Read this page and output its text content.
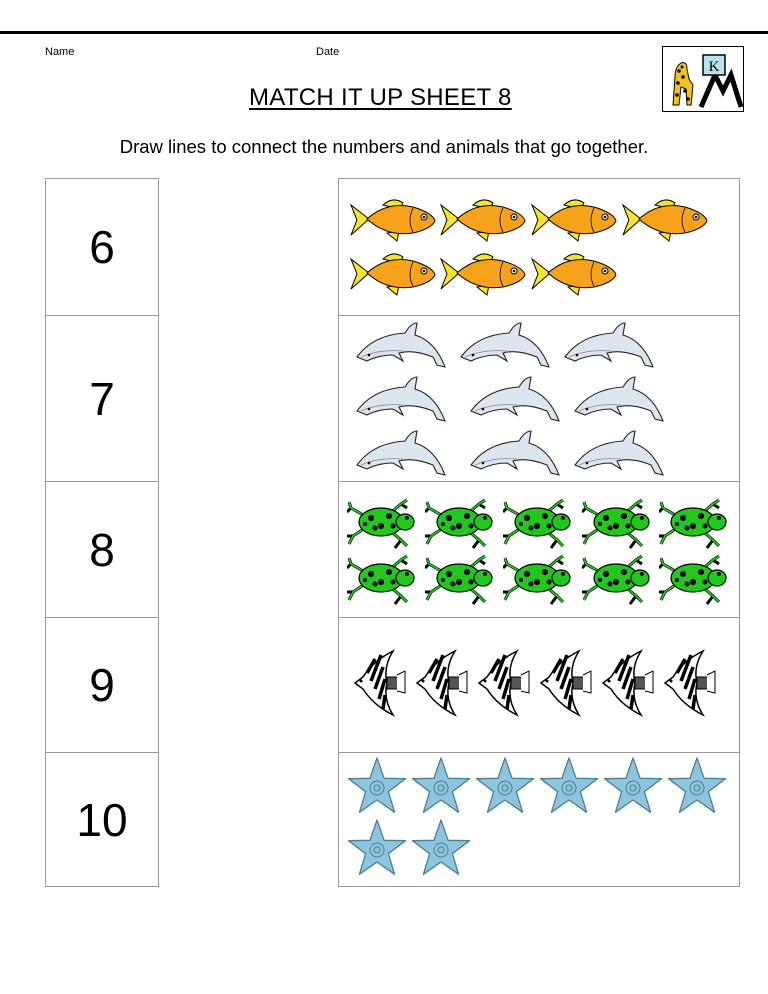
Name	Date
MATCH IT UP SHEET 8
K
Draw lines to connect the numbers and animals that go together.
6
7
8
9
10
